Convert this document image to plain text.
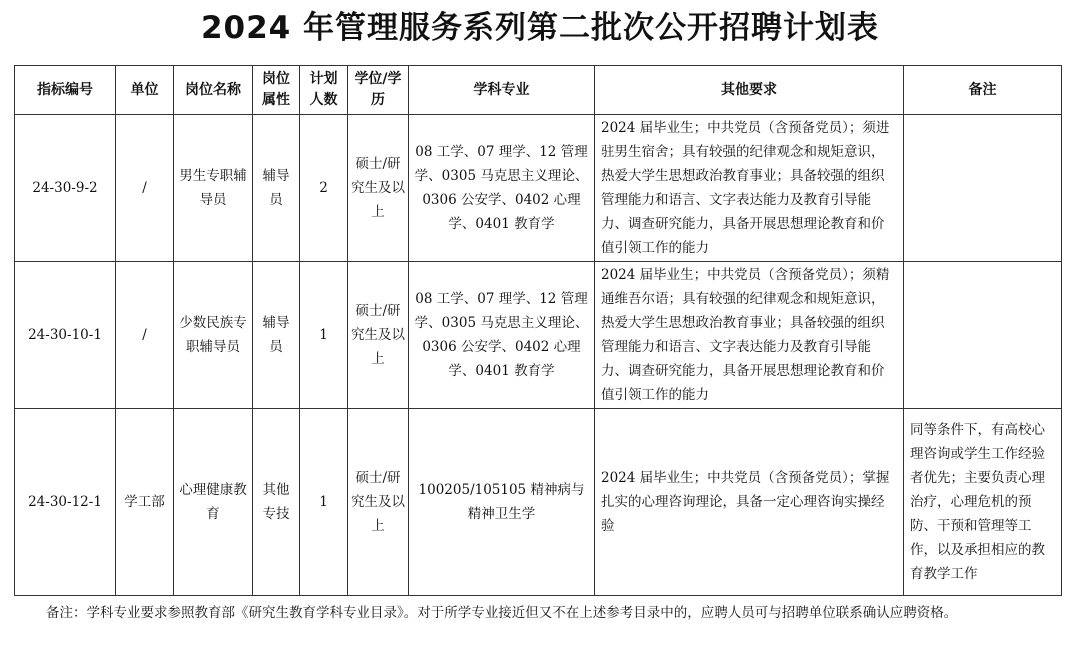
2024 年管理服务系列第二批次公开招聘计划表
指标编号	单位	岗位名称	岗位属性	计划人数	学位/学历	学科专业	其他要求	备注
24-30-9-2	/	男生专职辅导员	辅导员	2	硕士/研究生及以上	08 工学、07 理学、12 管理学、0305 马克思主义理论、0306 公安学、0402 心理学、0401 教育学	2024 届毕业生；中共党员（含预备党员）；须进驻男生宿舍；具有较强的纪律观念和规矩意识，热爱大学生思想政治教育事业；具备较强的组织管理能力和语言、文字表达能力及教育引导能力、调查研究能力，具备开展思想理论教育和价值引领工作的能力	
24-30-10-1	/	少数民族专职辅导员	辅导员	1	硕士/研究生及以上	08 工学、07 理学、12 管理学、0305 马克思主义理论、0306 公安学、0402 心理学、0401 教育学	2024 届毕业生；中共党员（含预备党员）；须精通维吾尔语；具有较强的纪律观念和规矩意识，热爱大学生思想政治教育事业；具备较强的组织管理能力和语言、文字表达能力及教育引导能力、调查研究能力，具备开展思想理论教育和价值引领工作的能力	
24-30-12-1	学工部	心理健康教育	其他专技	1	硕士/研究生及以上	100205/105105 精神病与精神卫生学	2024 届毕业生；中共党员（含预备党员）；掌握扎实的心理咨询理论，具备一定心理咨询实操经验	同等条件下，有高校心理咨询或学生工作经验者优先；主要负责心理治疗，心理危机的预防、干预和管理等工作，以及承担相应的教育教学工作
备注：学科专业要求参照教育部《研究生教育学科专业目录》。对于所学专业接近但又不在上述参考目录中的，应聘人员可与招聘单位联系确认应聘资格。
